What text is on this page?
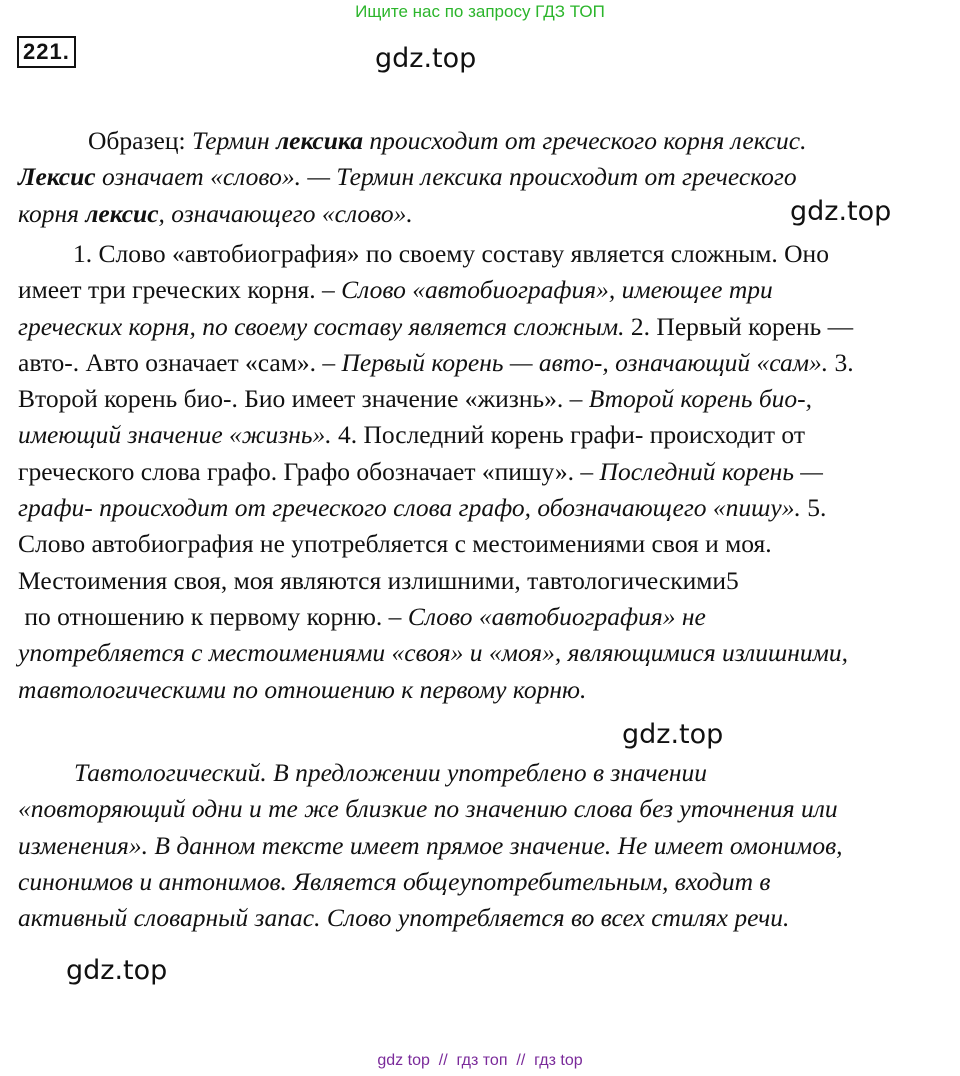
Ищите нас по запросу ГДЗ ТОП
221.	gdz.top
gdz.top
gdz.top
gdz.top
Образец: Термин лексика происходит от греческого корня лексис.
Лексис означает «слово». — Термин лексика происходит от греческого
корня лексис, означающего «слово».
1. Слово «автобиография» по своему составу является сложным. Оно
имеет три греческих корня. – Слово «автобиография», имеющее три
греческих корня, по своему составу является сложным. 2. Первый корень —
авто-. Авто означает «сам». – Первый корень — авто-, означающий «сам». 3.
Второй корень био-. Био имеет значение «жизнь». – Второй корень био-,
имеющий значение «жизнь». 4. Последний корень графи- происходит от
греческого слова графо. Графо обозначает «пишу». – Последний корень —
графи- происходит от греческого слова графо, обозначающего «пишу». 5.
Слово автобиография не употребляется с местоимениями своя и моя.
Местоимения своя, моя являются излишними, тавтологическими5
по отношению к первому корню. – Слово «автобиография» не
употребляется с местоимениями «своя» и «моя», являющимися излишними,
тавтологическими по отношению к первому корню.
Тавтологический. В предложении употреблено в значении
«повторяющий одни и те же близкие по значению слова без уточнения или
изменения». В данном тексте имеет прямое значение. Не имеет омонимов,
синонимов и антонимов. Является общеупотребительным, входит в
активный словарный запас. Слово употребляется во всех стилях речи.
gdz top  //  гдз топ  //  гдз top
